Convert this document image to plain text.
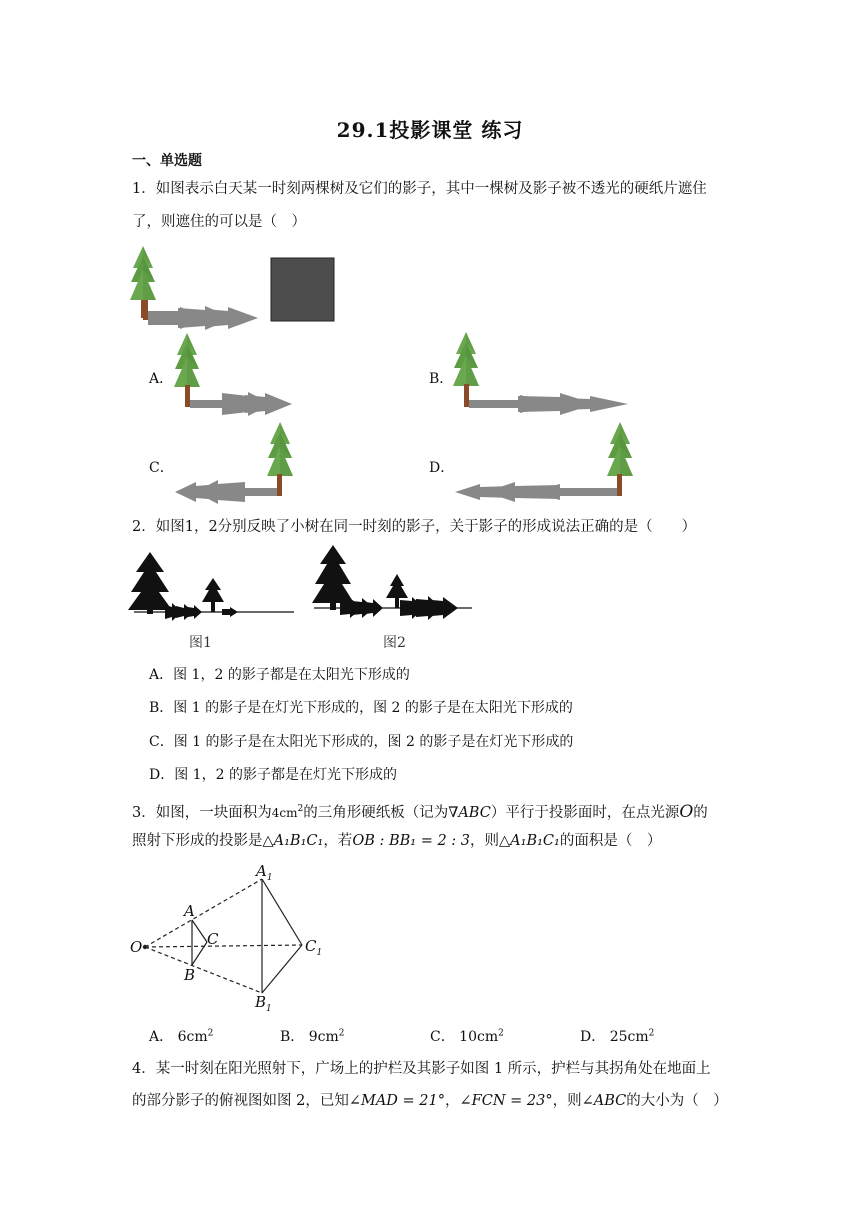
29.1投影课堂 练习
一、单选题
1．如图表示白天某一时刻两棵树及它们的影子，其中一棵树及影子被不透光的硬纸片遮住
了，则遮住的可以是（　）
A．	B．
C．	D．
2．如图1，2分别反映了小树在同一时刻的影子，关于影子的形成说法正确的是（　　）
图1	图2
A．图 1，2 的影子都是在太阳光下形成的
B．图 1 的影子是在灯光下形成的，图 2 的影子是在太阳光下形成的
C．图 1 的影子是在太阳光下形成的，图 2 的影子是在灯光下形成的
D．图 1，2 的影子都是在灯光下形成的
3．如图，一块面积为$4cm^2$的三角形硬纸板（记为∇ABC）平行于投影面时，在点光源O的
照射下形成的投影是△A₁B₁C₁，若OB : BB₁ = 2 : 3，则△A₁B₁C₁的面积是（　）
O
A
B
C
$A_1$
$B_1$
$C_1$
A． $6cm^2$	B． $9cm^2$	C． $10cm^2$	D． $25cm^2$
4．某一时刻在阳光照射下，广场上的护栏及其影子如图 1 所示，护栏与其拐角处在地面上
的部分影子的俯视图如图 2，已知∠MAD = 21°，∠FCN = 23°，则∠ABC的大小为（　）
